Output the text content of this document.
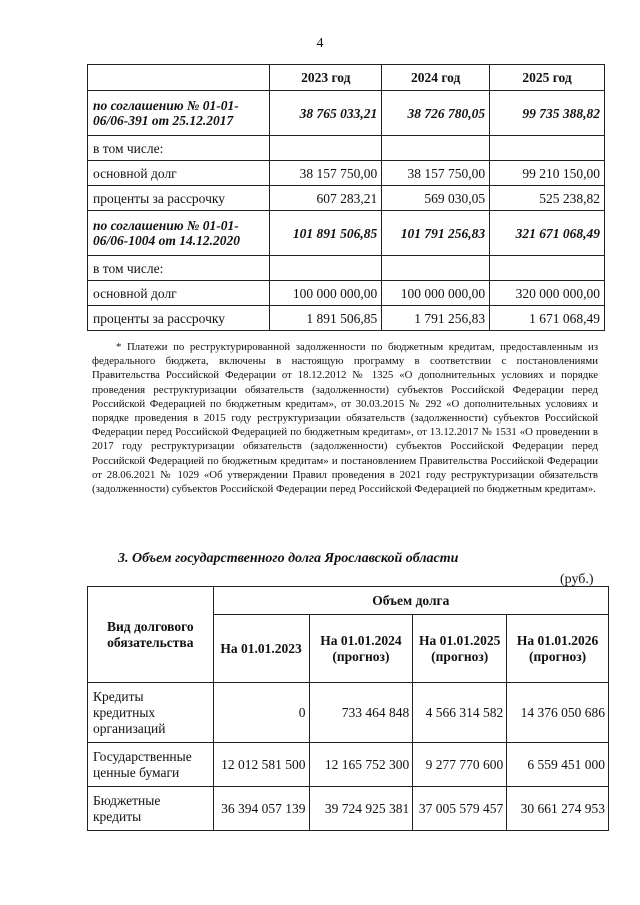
4
	2023 год	2024 год	2025 год
по соглашению № 01-01-06/06-391 от 25.12.2017	38 765 033,21	38 726 780,05	99 735 388,82
в том числе:			
основной долг	38 157 750,00	38 157 750,00	99 210 150,00
проценты за рассрочку	607 283,21	569 030,05	525 238,82
по соглашению № 01-01-06/06-1004 от 14.12.2020	101 891 506,85	101 791 256,83	321 671 068,49
в том числе:			
основной долг	100 000 000,00	100 000 000,00	320 000 000,00
проценты за рассрочку	1 891 506,85	1 791 256,83	1 671 068,49

* Платежи по реструктурированной задолженности по бюджетным кредитам, предоставленным из федерального бюджета, включены в настоящую программу в соответствии с постановлениями Правительства Российской Федерации от 18.12.2012 № 1325 «О дополнительных условиях и порядке проведения реструктуризации обязательств (задолженности) субъектов Российской Федерации перед Российской Федерацией по бюджетным кредитам», от 30.03.2015 № 292 «О дополнительных условиях и порядке проведения в 2015 году реструктуризации обязательств (задолженности) субъектов Российской Федерации перед Российской Федерацией по бюджетным кредитам», от 13.12.2017 № 1531 «О проведении в 2017 году реструктуризации обязательств (задолженности) субъектов Российской Федерации перед Российской Федерацией по бюджетным кредитам» и постановлением Правительства Российской Федерации от 28.06.2021 № 1029 «Об утверждении Правил проведения в 2021 году реструктуризации обязательств (задолженности) субъектов Российской Федерации перед Российской Федерацией по бюджетным кредитам».

3. Объем государственного долга Ярославской области
(руб.)
Вид долгового обязательства	Объем долга			
	На 01.01.2023	На 01.01.2024 (прогноз)	На 01.01.2025 (прогноз)	На 01.01.2026 (прогноз)
Кредиты кредитных организаций	0	733 464 848	4 566 314 582	14 376 050 686
Государственные ценные бумаги	12 012 581 500	12 165 752 300	9 277 770 600	6 559 451 000
Бюджетные кредиты	36 394 057 139	39 724 925 381	37 005 579 457	30 661 274 953
